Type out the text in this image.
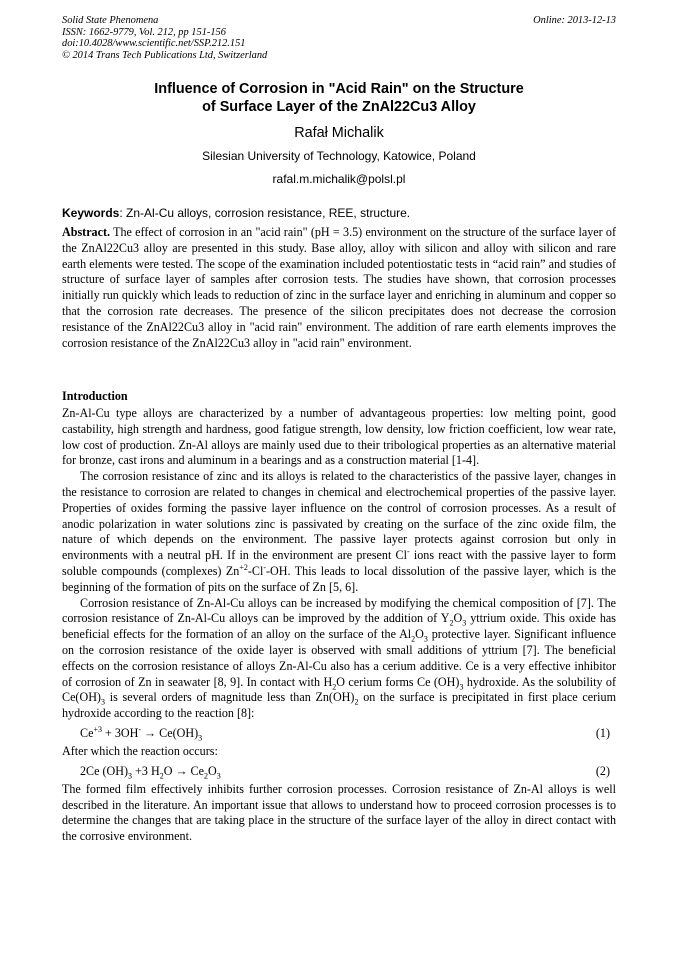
Solid State Phenomena
ISSN: 1662-9779, Vol. 212, pp 151-156
doi:10.4028/www.scientific.net/SSP.212.151
© 2014 Trans Tech Publications Ltd, Switzerland
Online: 2013-12-13
Influence of Corrosion in "Acid Rain" on the Structure
of Surface Layer of the ZnAl22Cu3 Alloy
Rafał Michalik
Silesian University of Technology, Katowice, Poland
rafal.m.michalik@polsl.pl
Keywords: Zn-Al-Cu alloys, corrosion resistance, REE, structure.

Abstract. The effect of corrosion in an "acid rain" (pH = 3.5) environment on the structure of the surface layer of the ZnAl22Cu3 alloy are presented in this study. Base alloy, alloy with silicon and alloy with silicon and rare earth elements were tested. The scope of the examination included potentiostatic tests in “acid rain” and studies of structure of surface layer of samples after corrosion tests. The studies have shown, that corrosion processes initially run quickly which leads to reduction of zinc in the surface layer and enriching in aluminum and copper so that the corrosion rate decreases. The presence of the silicon precipitates does not decrease the corrosion resistance of the ZnAl22Cu3 alloy in "acid rain" environment. The addition of rare earth elements improves the corrosion resistance of the ZnAl22Cu3 alloy in "acid rain" environment.

Introduction

Zn-Al-Cu type alloys are characterized by a number of advantageous properties: low melting point, good castability, high strength and hardness, good fatigue strength, low density, low friction coefficient, low wear rate, low cost of production. Zn-Al alloys are mainly used due to their tribological properties as an alternative material for bronze, cast irons and aluminum in a bearings and as a construction material [1-4].

The corrosion resistance of zinc and its alloys is related to the characteristics of the passive layer, changes in the resistance to corrosion are related to changes in chemical and electrochemical properties of the passive layer. Properties of oxides forming the passive layer influence on the control of corrosion processes. As a result of anodic polarization in water solutions zinc is passivated by creating on the surface of the zinc oxide film, the nature of which depends on the environment. The passive layer protects against corrosion but only in environments with a neutral pH. If in the environment are present Cl- ions react with the passive layer to form soluble compounds (complexes) $Zn^{+2}-Cl^--OH$. This leads to local dissolution of the passive layer, which is the beginning of the formation of pits on the surface of Zn [5, 6].

Corrosion resistance of Zn-Al-Cu alloys can be increased by modifying the chemical composition of [7]. The corrosion resistance of Zn-Al-Cu alloys can be improved by the addition of $Y_2O_3$ yttrium oxide. This oxide has beneficial effects for the formation of an alloy on the surface of the $Al_2O_3$ protective layer. Significant influence on the corrosion resistance of the oxide layer is observed with small additions of yttrium [7]. The beneficial effects on the corrosion resistance of alloys Zn-Al-Cu also has a cerium additive. Ce is a very effective inhibitor of corrosion of Zn in seawater [8, 9]. In contact with $H_2O$ cerium forms Ce $(OH)_3$ hydroxide. As the solubility of $Ce(OH)_3$ is several orders of magnitude less than $Zn(OH)_2$ on the surface is precipitated in first place cerium hydroxide according to the reaction [8]:

$Ce^{+3} + 3OH^- \to Ce(OH)_3$	(1)

After which the reaction occurs:

2Ce $(OH)_3 +3$ $H_2O \to Ce_2O_3$	(2)

The formed film effectively inhibits further corrosion processes. Corrosion resistance of Zn-Al alloys is well described in the literature. An important issue that allows to understand how to proceed corrosion processes is to determine the changes that are taking place in the structure of the surface layer of the alloy in direct contact with the corrosive environment.
